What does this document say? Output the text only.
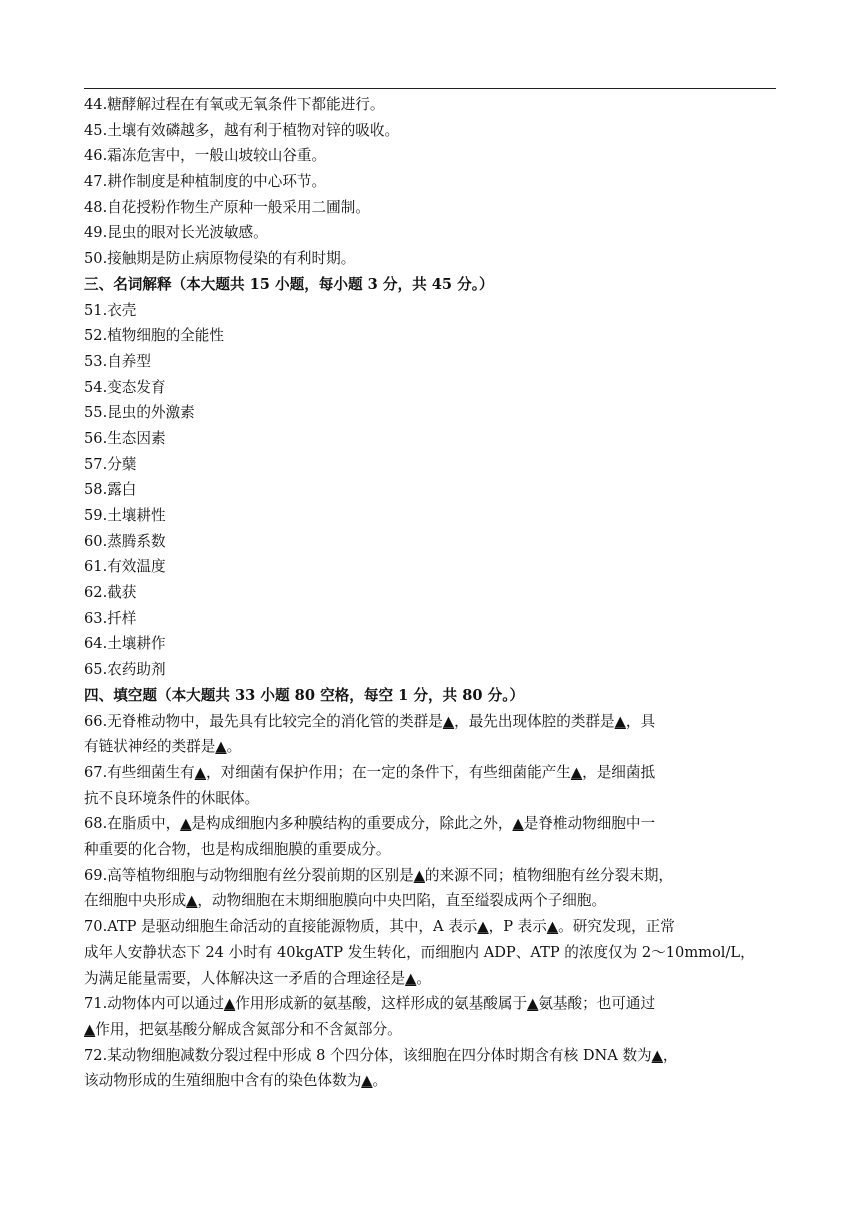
44.糖酵解过程在有氧或无氧条件下都能进行。
45.土壤有效磷越多，越有利于植物对锌的吸收。
46.霜冻危害中，一般山坡较山谷重。
47.耕作制度是种植制度的中心环节。
48.自花授粉作物生产原种一般采用二圃制。
49.昆虫的眼对长光波敏感。
50.接触期是防止病原物侵染的有利时期。
三、名词解释（本大题共 15 小题，每小题 3 分，共 45 分。）
51.衣壳
52.植物细胞的全能性
53.自养型
54.变态发育
55.昆虫的外激素
56.生态因素
57.分蘖
58.露白
59.土壤耕性
60.蒸腾系数
61.有效温度
62.截获
63.扦样
64.土壤耕作
65.农药助剂
四、填空题（本大题共 33 小题 80 空格，每空 1 分，共 80 分。）
66.无脊椎动物中，最先具有比较完全的消化管的类群是▲，最先出现体腔的类群是▲，具
有链状神经的类群是▲。
67.有些细菌生有▲，对细菌有保护作用；在一定的条件下，有些细菌能产生▲，是细菌抵
抗不良环境条件的休眠体。
68.在脂质中，▲是构成细胞内多种膜结构的重要成分，除此之外，▲是脊椎动物细胞中一
种重要的化合物，也是构成细胞膜的重要成分。
69.高等植物细胞与动物细胞有丝分裂前期的区别是▲的来源不同；植物细胞有丝分裂末期，
在细胞中央形成▲，动物细胞在末期细胞膜向中央凹陷，直至缢裂成两个子细胞。
70.ATP 是驱动细胞生命活动的直接能源物质，其中，A 表示▲，P 表示▲。研究发现，正常
成年人安静状态下 24 小时有 40kgATP 发生转化，而细胞内 ADP、ATP 的浓度仅为 2～10mmol/L，
为满足能量需要，人体解决这一矛盾的合理途径是▲。
71.动物体内可以通过▲作用形成新的氨基酸，这样形成的氨基酸属于▲氨基酸；也可通过
▲作用，把氨基酸分解成含氮部分和不含氮部分。
72.某动物细胞减数分裂过程中形成 8 个四分体，该细胞在四分体时期含有核 DNA 数为▲，
该动物形成的生殖细胞中含有的染色体数为▲。
